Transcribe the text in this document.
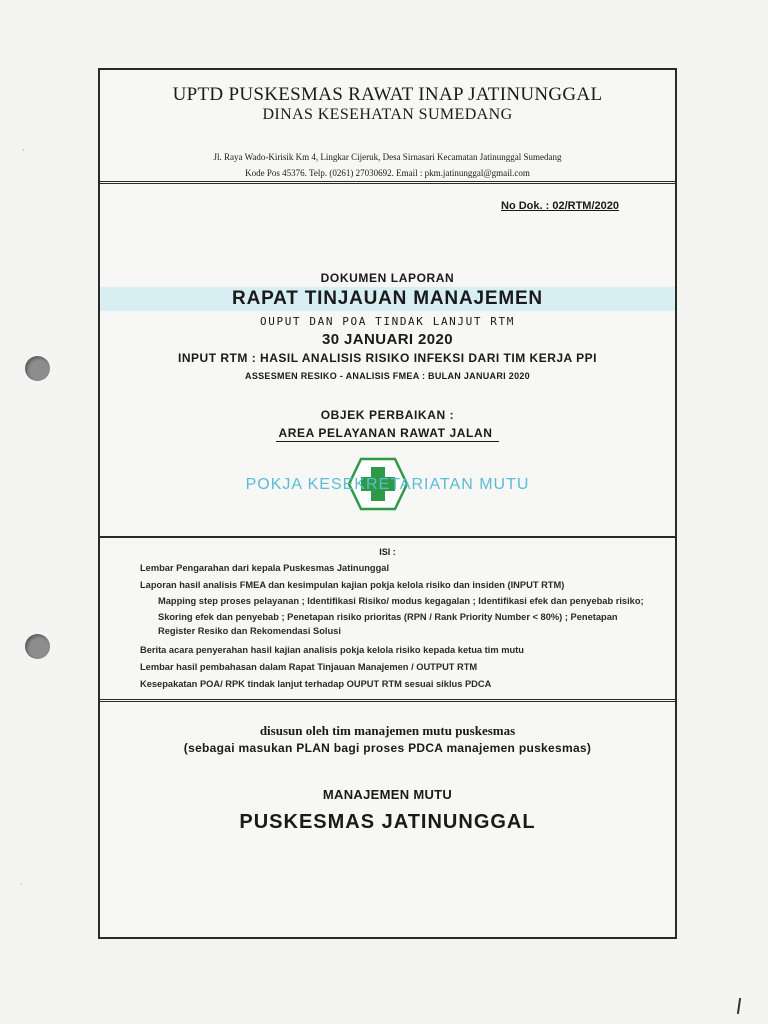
·
·
UPTD PUSKESMAS RAWAT INAP JATINUNGGAL
DINAS KESEHATAN SUMEDANG
Jl. Raya Wado-Kirisik Km 4, Lingkar Cijeruk, Desa Sirnasari Kecamatan Jatinunggal Sumedang
Kode Pos 45376. Telp. (0261) 27030692. Email : pkm.jatinunggal@gmail.com
No Dok. : 02/RTM/2020
DOKUMEN LAPORAN
RAPAT TINJAUAN MANAJEMEN
OUPUT DAN POA TINDAK LANJUT RTM
30 JANUARI 2020
INPUT RTM : HASIL ANALISIS RISIKO INFEKSI DARI TIM KERJA PPI
ASSESMEN RESIKO - ANALISIS FMEA : BULAN JANUARI 2020
OBJEK PERBAIKAN :
AREA PELAYANAN RAWAT JALAN
POKJA KESEKRETARIATAN MUTU
ISI :
Lembar Pengarahan dari kepala Puskesmas Jatinunggal
Laporan hasil analisis FMEA dan kesimpulan kajian pokja kelola risiko dan insiden (INPUT RTM)
Mapping step proses pelayanan ; Identifikasi Risiko/ modus kegagalan ; Identifikasi efek dan penyebab risiko;
Skoring efek dan penyebab ; Penetapan risiko prioritas (RPN / Rank Priority Number < 80%) ; Penetapan
Register Resiko dan Rekomendasi Solusi
Berita acara penyerahan hasil kajian analisis pokja kelola risiko kepada ketua tim mutu
Lembar hasil pembahasan dalam Rapat Tinjauan Manajemen / OUTPUT RTM
Kesepakatan POA/ RPK tindak lanjut terhadap OUPUT RTM sesuai siklus PDCA
disusun oleh tim manajemen mutu puskesmas
(sebagai masukan PLAN bagi proses PDCA manajemen puskesmas)
MANAJEMEN MUTU
PUSKESMAS JATINUNGGAL
